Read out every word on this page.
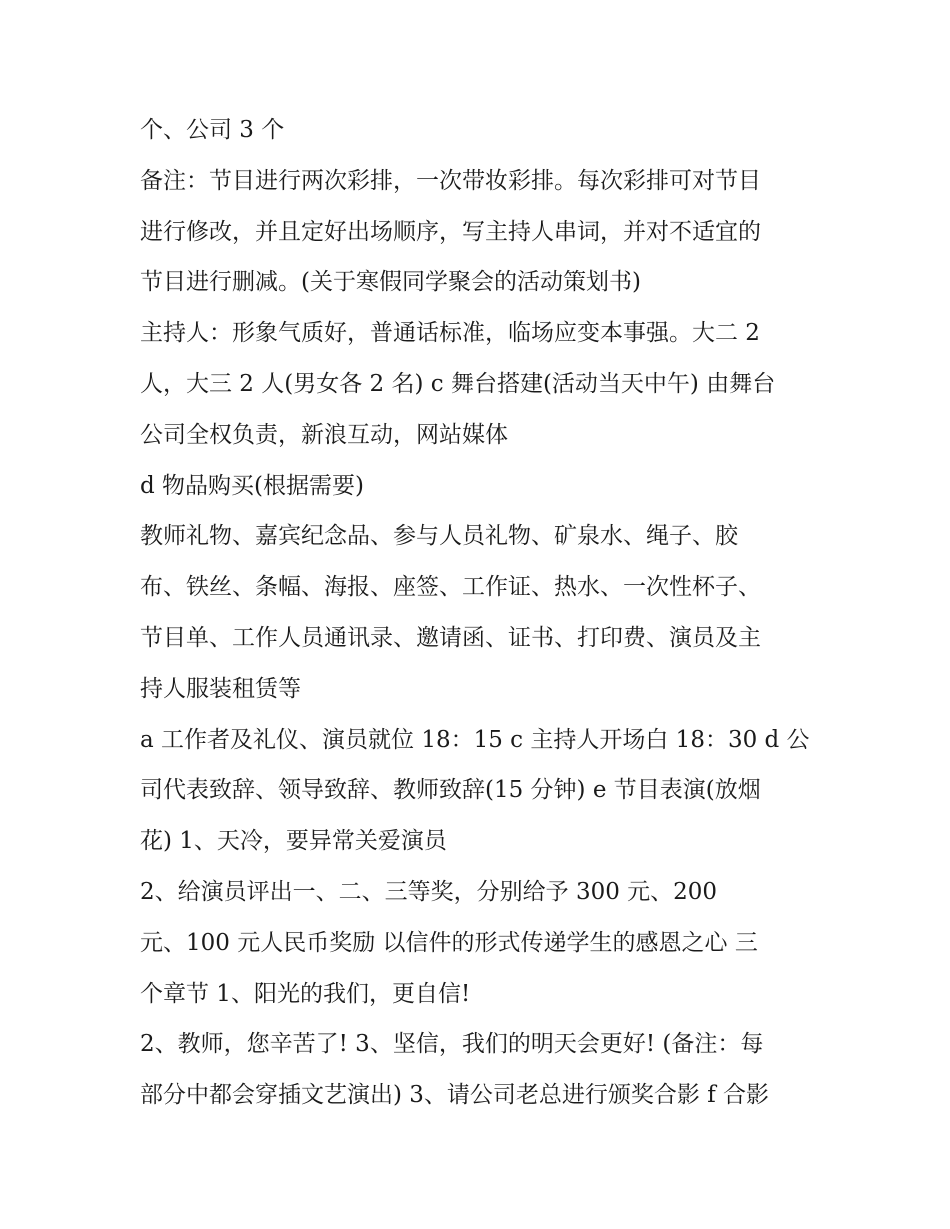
个、公司 3 个
备注：节目进行两次彩排，一次带妆彩排。每次彩排可对节目
进行修改，并且定好出场顺序，写主持人串词，并对不适宜的
节目进行删减。(关于寒假同学聚会的活动策划书)
主持人：形象气质好，普通话标准，临场应变本事强。大二 2
人，大三 2 人(男女各 2 名) c 舞台搭建(活动当天中午) 由舞台
公司全权负责，新浪互动，网站媒体
d 物品购买(根据需要)
教师礼物、嘉宾纪念品、参与人员礼物、矿泉水、绳子、胶
布、铁丝、条幅、海报、座签、工作证、热水、一次性杯子、
节目单、工作人员通讯录、邀请函、证书、打印费、演员及主
持人服装租赁等
a 工作者及礼仪、演员就位 18：15 c 主持人开场白 18：30 d 公
司代表致辞、领导致辞、教师致辞(15 分钟) e 节目表演(放烟
花) 1、天冷，要异常关爱演员
2、给演员评出一、二、三等奖，分别给予 300 元、200
元、100 元人民币奖励 以信件的形式传递学生的感恩之心 三
个章节 1、阳光的我们，更自信!
2、教师，您辛苦了! 3、坚信，我们的明天会更好! (备注：每
部分中都会穿插文艺演出) 3、请公司老总进行颁奖合影 f 合影
